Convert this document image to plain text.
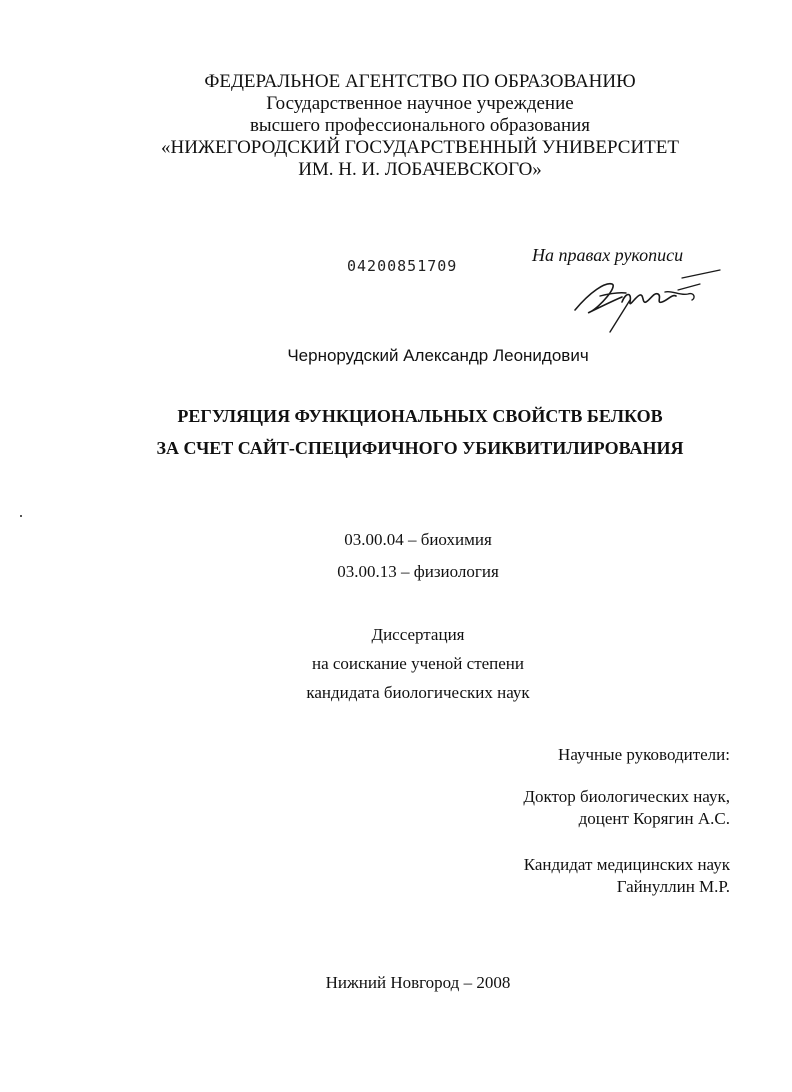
ФЕДЕРАЛЬНОЕ АГЕНТСТВО ПО ОБРАЗОВАНИЮ
Государственное научное учреждение
высшего профессионального образования
«НИЖЕГОРОДСКИЙ ГОСУДАРСТВЕННЫЙ УНИВЕРСИТЕТ
ИМ. Н. И. ЛОБАЧЕВСКОГО»
04200851709
На правах рукописи
Чернорудский Александр Леонидович
РЕГУЛЯЦИЯ ФУНКЦИОНАЛЬНЫХ СВОЙСТВ БЕЛКОВ
ЗА СЧЕТ САЙТ-СПЕЦИФИЧНОГО УБИКВИТИЛИРОВАНИЯ
03.00.04 – биохимия
03.00.13 – физиология
Диссертация
на соискание ученой степени
кандидата биологических наук
Научные руководители:
Доктор биологических наук,
доцент Корягин А.С.
Кандидат медицинских наук
Гайнуллин М.Р.
Нижний Новгород – 2008
